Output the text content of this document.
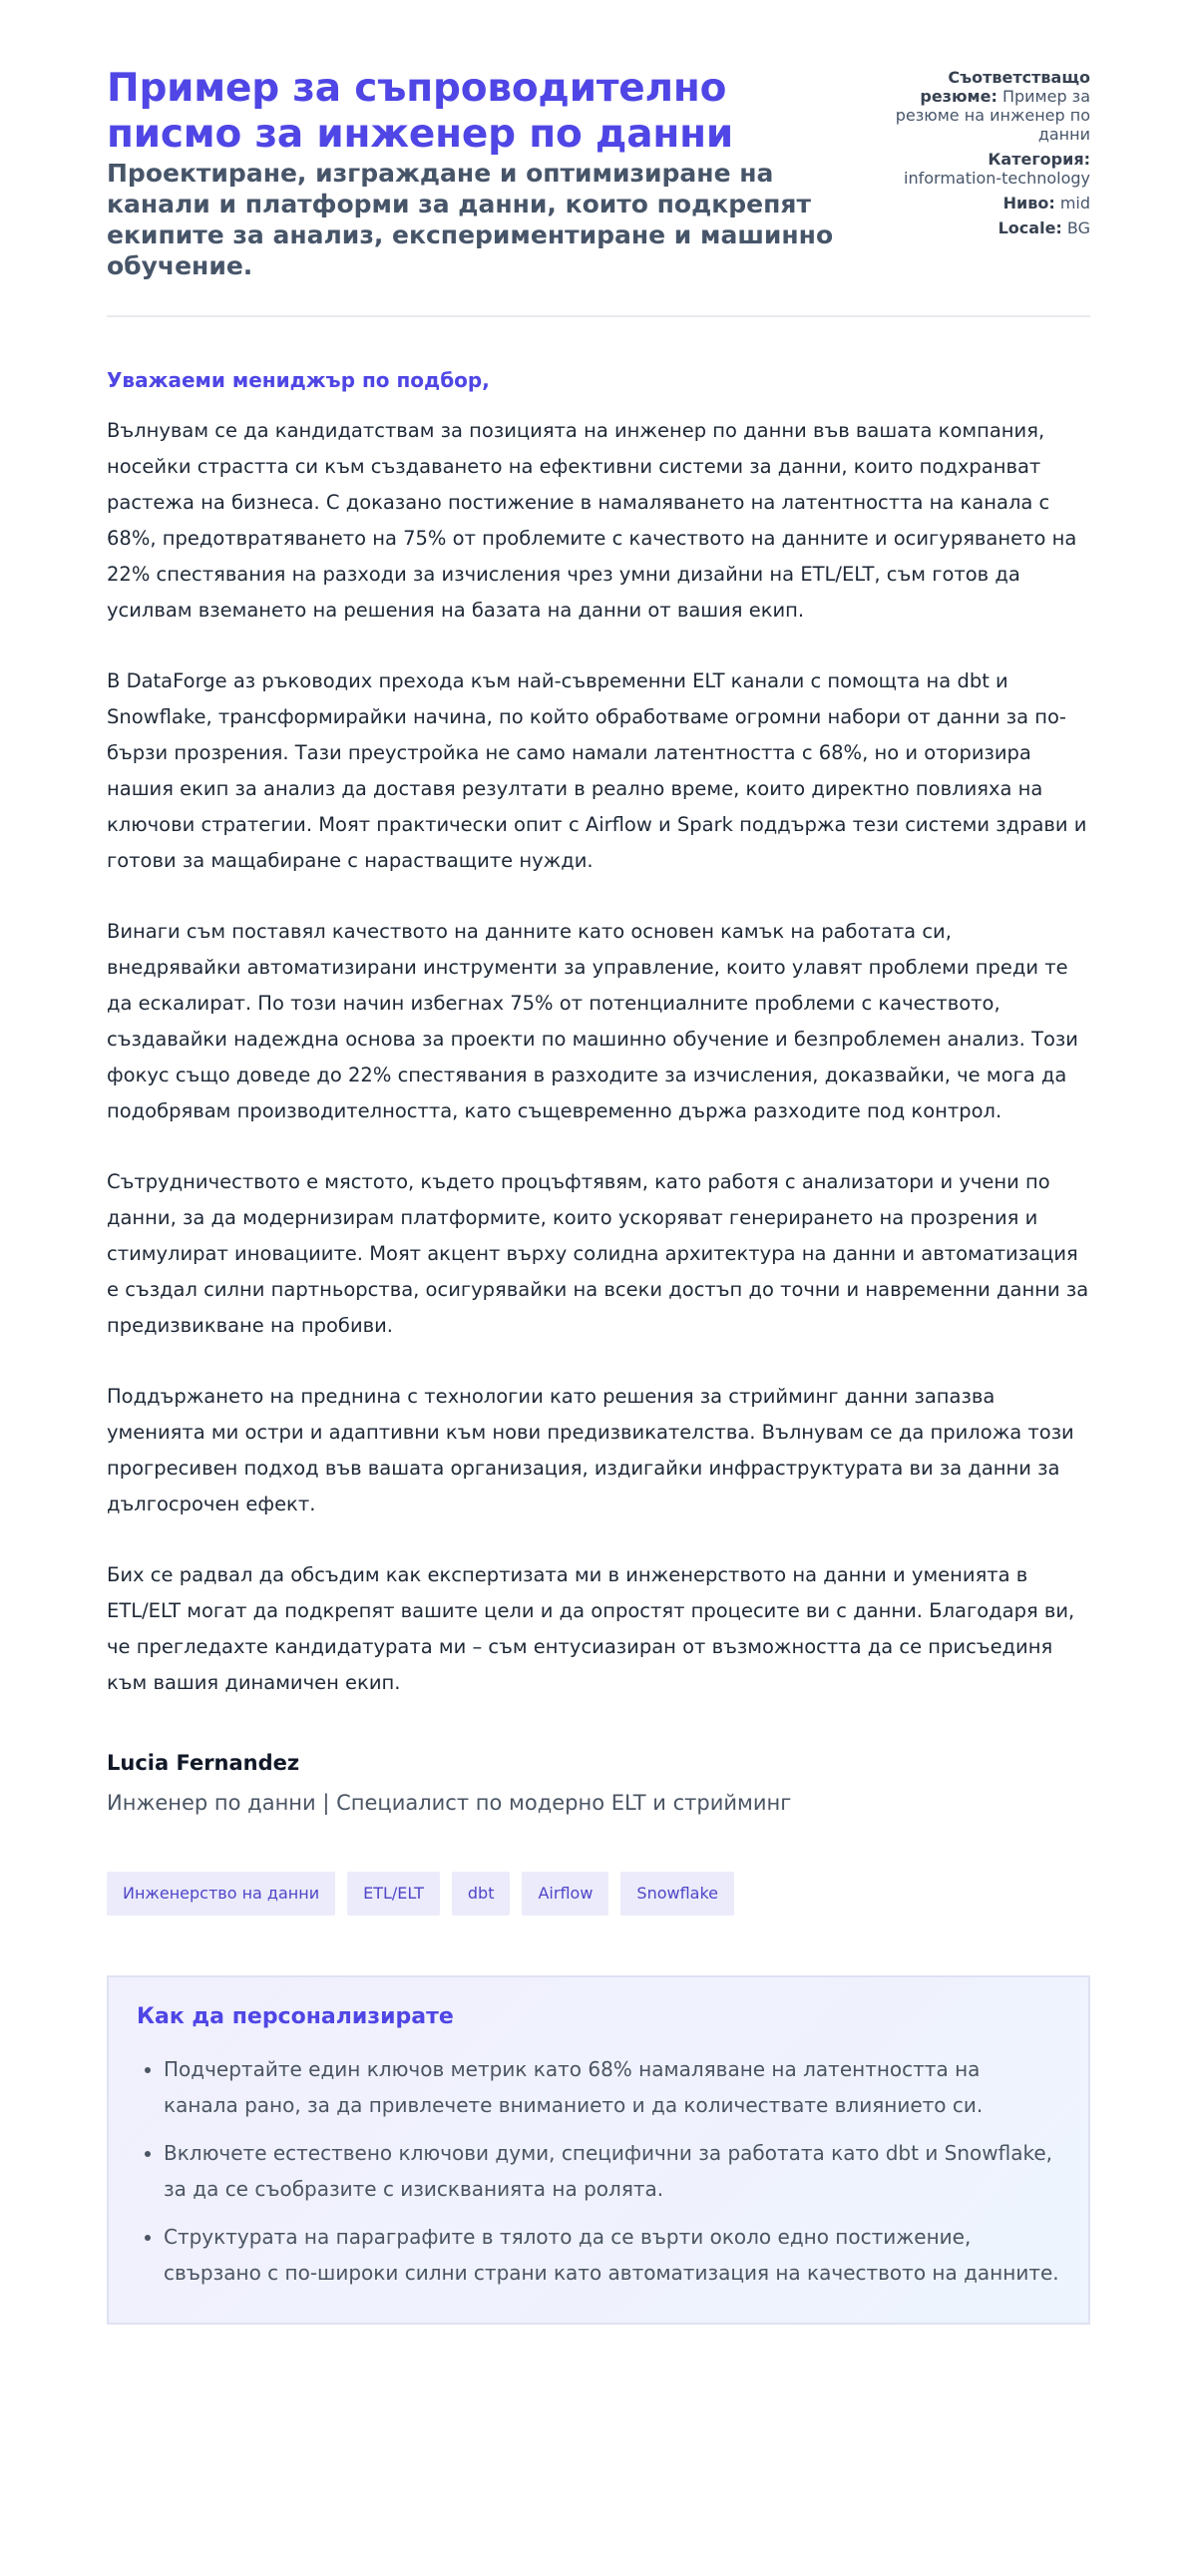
Пример за съпроводително писмо за инженер по данни
Проектиране, изграждане и оптимизиране на канали и платформи за данни, които подкрепят екипите за анализ, експериментиране и машинно обучение.
Съответстващо резюме: Пример за резюме на инженер по данни
Категория: information-technology
Ниво: mid
Locale: BG

Уважаеми мениджър по подбор,

Вълнувам се да кандидатствам за позицията на инженер по данни във вашата компания, носейки страстта си към създаването на ефективни системи за данни, които подхранват растежа на бизнеса. С доказано постижение в намаляването на латентността на канала с 68%, предотвратяването на 75% от проблемите с качеството на данните и осигуряването на 22% спестявания на разходи за изчисления чрез умни дизайни на ETL/ELT, съм готов да усилвам вземането на решения на базата на данни от вашия екип.

В DataForge аз ръководих прехода към най-съвременни ELT канали с помощта на dbt и Snowflake, трансформирайки начина, по който обработваме огромни набори от данни за по-бързи прозрения. Тази преустройка не само намали латентността с 68%, но и оторизира нашия екип за анализ да доставя резултати в реално време, които директно повлияха на ключови стратегии. Моят практически опит с Airflow и Spark поддържа тези системи здрави и готови за мащабиране с нарастващите нужди.

Винаги съм поставял качеството на данните като основен камък на работата си, внедрявайки автоматизирани инструменти за управление, които улавят проблеми преди те да ескалират. По този начин избегнах 75% от потенциалните проблеми с качеството, създавайки надеждна основа за проекти по машинно обучение и безпроблемен анализ. Този фокус също доведе до 22% спестявания в разходите за изчисления, доказвайки, че мога да подобрявам производителността, като същевременно държа разходите под контрол.

Сътрудничеството е мястото, където процъфтявям, като работя с анализатори и учени по данни, за да модернизирам платформите, които ускоряват генерирането на прозрения и стимулират иновациите. Моят акцент върху солидна архитектура на данни и автоматизация е създал силни партньорства, осигурявайки на всеки достъп до точни и навременни данни за предизвикване на пробиви.

Поддържането на преднина с технологии като решения за стрийминг данни запазва уменията ми остри и адаптивни към нови предизвикателства. Вълнувам се да приложа този прогресивен подход във вашата организация, издигайки инфраструктурата ви за данни за дългосрочен ефект.

Бих се радвал да обсъдим как експертизата ми в инженерството на данни и уменията в ETL/ELT могат да подкрепят вашите цели и да опростят процесите ви с данни. Благодаря ви, че прегледахте кандидатурата ми – съм ентусиазиран от възможността да се присъединя към вашия динамичен екип.

Lucia Fernandez
Инженер по данни | Специалист по модерно ELT и стрийминг
Инженерство на данни	ETL/ELT	dbt	Airflow	Snowflake
Как да персонализирате
• Подчертайте един ключов метрик като 68% намаляване на латентността на канала рано, за да привлечете вниманието и да количествате влиянието си.
• Включете естествено ключови думи, специфични за работата като dbt и Snowflake, за да се съобразите с изискванията на ролята.
• Структурата на параграфите в тялото да се върти около едно постижение, свързано с по-широки силни страни като автоматизация на качеството на данните.
